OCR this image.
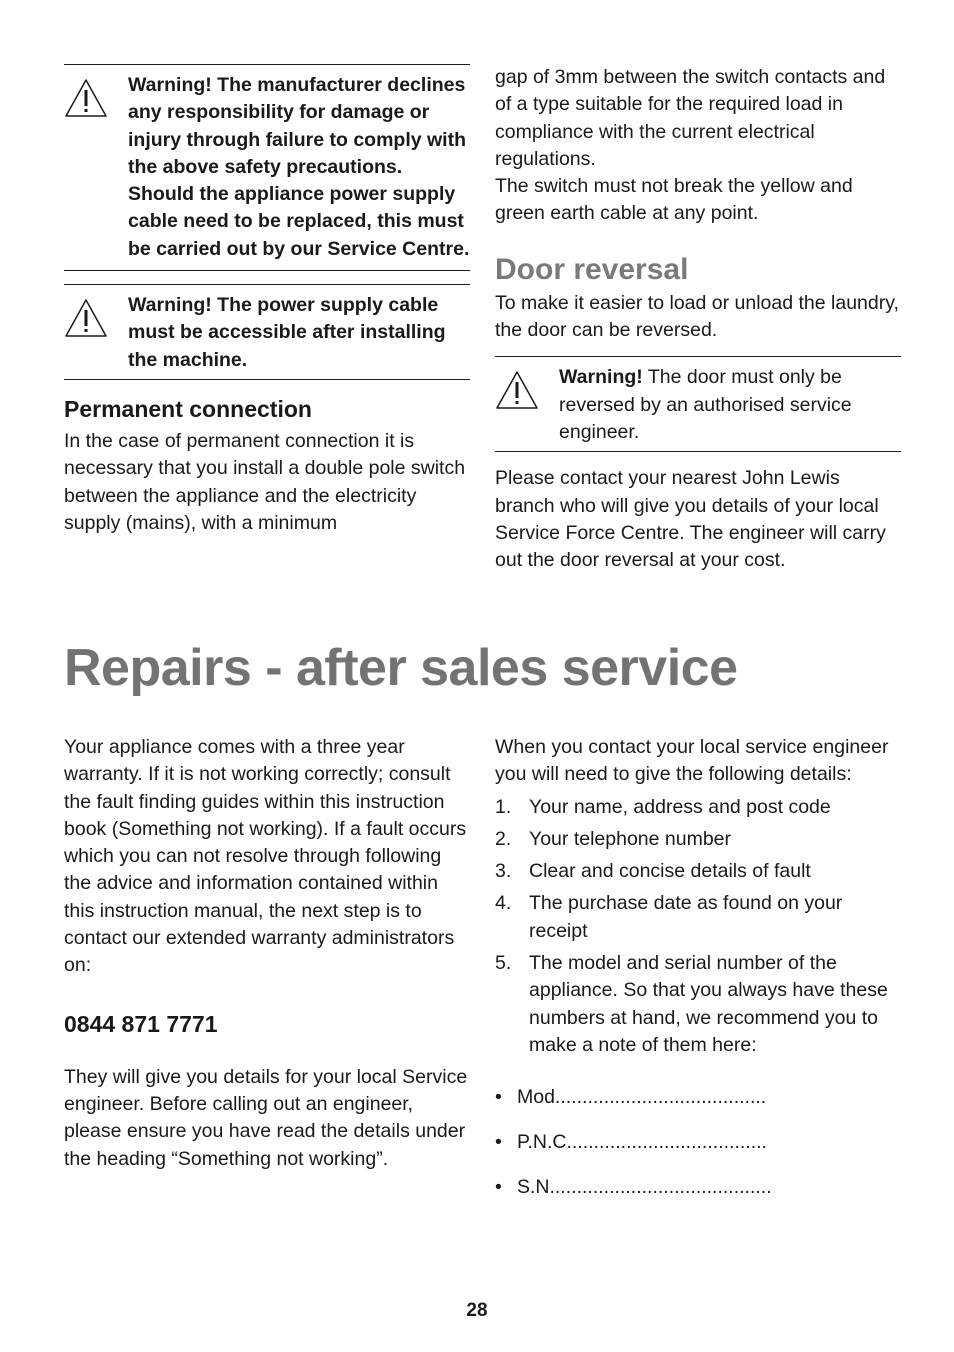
Warning! The manufacturer declines any responsibility for damage or injury through failure to comply with the above safety precautions. Should the appliance power supply cable need to be replaced, this must be carried out by our Service Centre.
Warning! The power supply cable must be accessible after installing the machine.
Permanent connection

In the case of permanent connection it is necessary that you install a double pole switch between the appliance and the electricity supply (mains), with a minimum

gap of 3mm between the switch contacts and of a type suitable for the required load in compliance with the current electrical regulations.

The switch must not break the yellow and green earth cable at any point.

Door reversal

To make it easier to load or unload the laundry, the door can be reversed.

Warning! The door must only be reversed by an authorised service engineer.

Please contact your nearest John Lewis branch who will give you details of your local Service Force Centre. The engineer will carry out the door reversal at your cost.

Repairs - after sales service

Your appliance comes with a three year warranty. If it is not working correctly; consult the fault finding guides within this instruction book (Something not working). If a fault occurs which you can not resolve through following the advice and information contained within this instruction manual, the next step is to contact our extended warranty administrators on:

0844 871 7771

They will give you details for your local Service engineer. Before calling out an engineer, please ensure you have read the details under the heading “Something not working”.

When you contact your local service engineer you will need to give the following details:

1. Your name, address and post code
2. Your telephone number
3. Clear and concise details of fault
4. The purchase date as found on your receipt
5. The model and serial number of the appliance. So that you always have these numbers at hand, we recommend you to make a note of them here:
• Mod.......................................
• P.N.C.....................................
• S.N.........................................
28
